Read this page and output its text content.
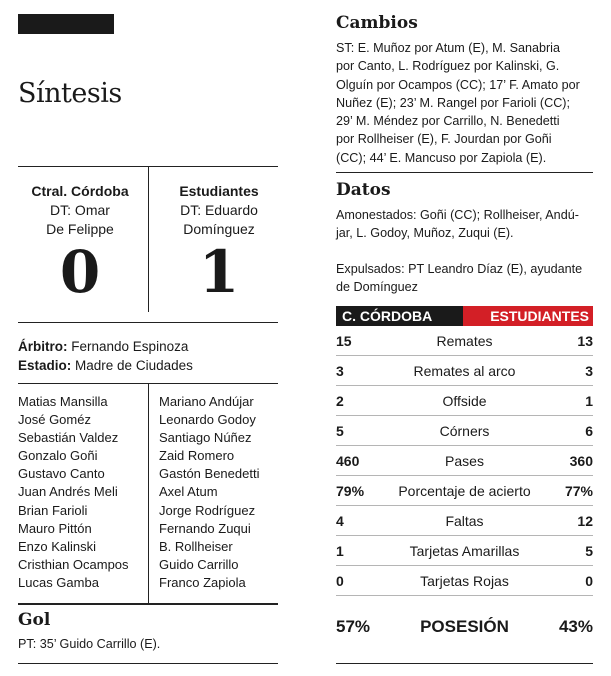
Síntesis
Ctral. Córdoba
DT: Omar
De Felippe
0
Estudiantes
DT: Eduardo
Domínguez
1
Árbitro: Fernando Espinoza
Estadio: Madre de Ciudades
Matias Mansilla
José Goméz
Sebastián Valdez
Gonzalo Goñi
Gustavo Canto
Juan Andrés Meli
Brian Farioli
Mauro Pittón
Enzo Kalinski
Cristhian Ocampos
Lucas Gamba
Mariano Andújar
Leonardo Godoy
Santiago Núñez
Zaid Romero
Gastón Benedetti
Axel Atum
Jorge Rodríguez
Fernando Zuqui
B. Rollheiser
Guido Carrillo
Franco Zapiola
Gol
PT: 35’ Guido Carrillo (E).
Cambios
ST: E. Muñoz por Atum (E), M. Sanabria
por Canto, L. Rodríguez por Kalinski, G.
Olguín por Ocampos (CC); 17’ F. Amato por
Nuñez (E); 23’ M. Rangel por Farioli (CC);
29’ M. Méndez por Carrillo, N. Benedetti
por Rollheiser (E), F. Jourdan por Goñi
(CC); 44’ E. Mancuso por Zapiola (E).
Datos
Amonestados: Goñi (CC); Rollheiser, Andú-
jar, L. Godoy, Muñoz, Zuqui (E).
Expulsados: PT Leandro Díaz (E), ayudante
de Domínguez
C. CÓRDOBA	ESTUDIANTES
15	Remates	13
3	Remates al arco	3
2	Offside	1
5	Córners	6
460	Pases	360
79%	Porcentaje de acierto	77%
4	Faltas	12
1	Tarjetas Amarillas	5
0	Tarjetas Rojas	0
57%	POSESIÓN	43%
